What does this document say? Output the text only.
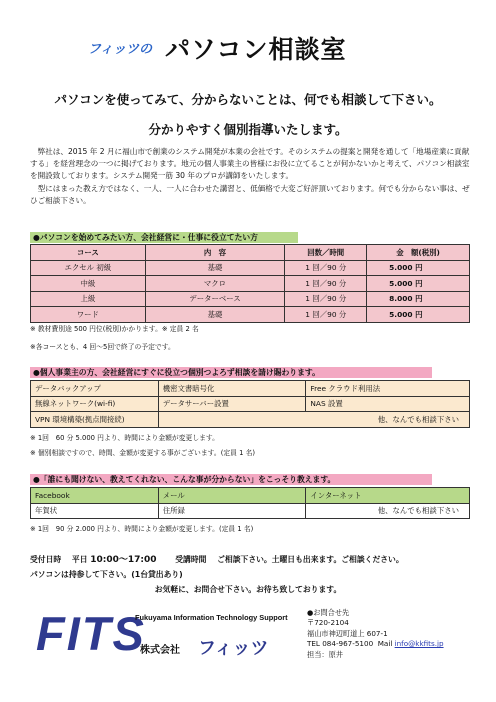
フィッツの パソコン相談室
パソコンを使ってみて、分からないことは、何でも相談して下さい。
分かりやすく個別指導いたします。

弊社は、2015 年 2 月に福山市で創業のシステム開発が本業の会社です。そのシステムの提案と開発を通して「地場産業に貢献する」を経営理念の一つに掲げております。地元の個人事業主の皆様にお役に立てることが何かないかと考えて、パソコン相談室を開設致しております。システム開発一筋 30 年のプロが講師をいたします。

型にはまった教え方ではなく、一人、一人に合わせた講習と、低価格で大変ご好評頂いております。何でも分からない事は、ぜひご相談下さい。

●パソコンを始めてみたい方、会社経営に・仕事に役立てたい方
コース	内　容	回数／時間	金　額(税別)
エクセル 初級	基礎	1 回／90 分	5.000 円
中級	マクロ	1 回／90 分	5.000 円
上級	データーベース	1 回／90 分	8.000 円
ワード	基礎	1 回／90 分	5.000 円
※ 教材費別途 500 円位(税別)かかります。※ 定員 2 名
※各コースとも、4 回～5回で終了の予定です。
●個人事業主の方、会社経営にすぐに役立つ個別つよろず相談を請け賜わります。
データバックアップ	機密文書暗号化	Free クラウド利用法
無線ネットワーク(wi-fi)	データサーバー設置	NAS 設置
VPN 環境構築(拠点間接続)	他、なんでも相談下さい	
※ 1回　60 分 5.000 円より、時間により金額が変更します。
※ 個別相談ですので、時間、金額が変更する事がございます。(定員 1 名)
●「誰にも聞けない、教えてくれない、こんな事が分からない」をこっそり教えます。
Facebook	メール	インターネット
年賀状	住所録	他、なんでも相談下さい
※ 1回　90 分 2.000 円より、時間により金額が変更します。(定員 1 名)
受付日時 平日 10:00～17:00 受講時間 ご相談下さい。土曜日も出来ます。ご相談ください。
パソコンは持参して下さい。(1台貸出あり)
お気軽に、お問合せ下さい。お待ち致しております。
FITS
Fukuyama Information Technology Support
株式会社 フィッツ
●お問合せ先
〒720-2104
福山市神辺町道上 607-1
TEL 084-967-5100 Mail info@kkfits.jp
担当：原井
